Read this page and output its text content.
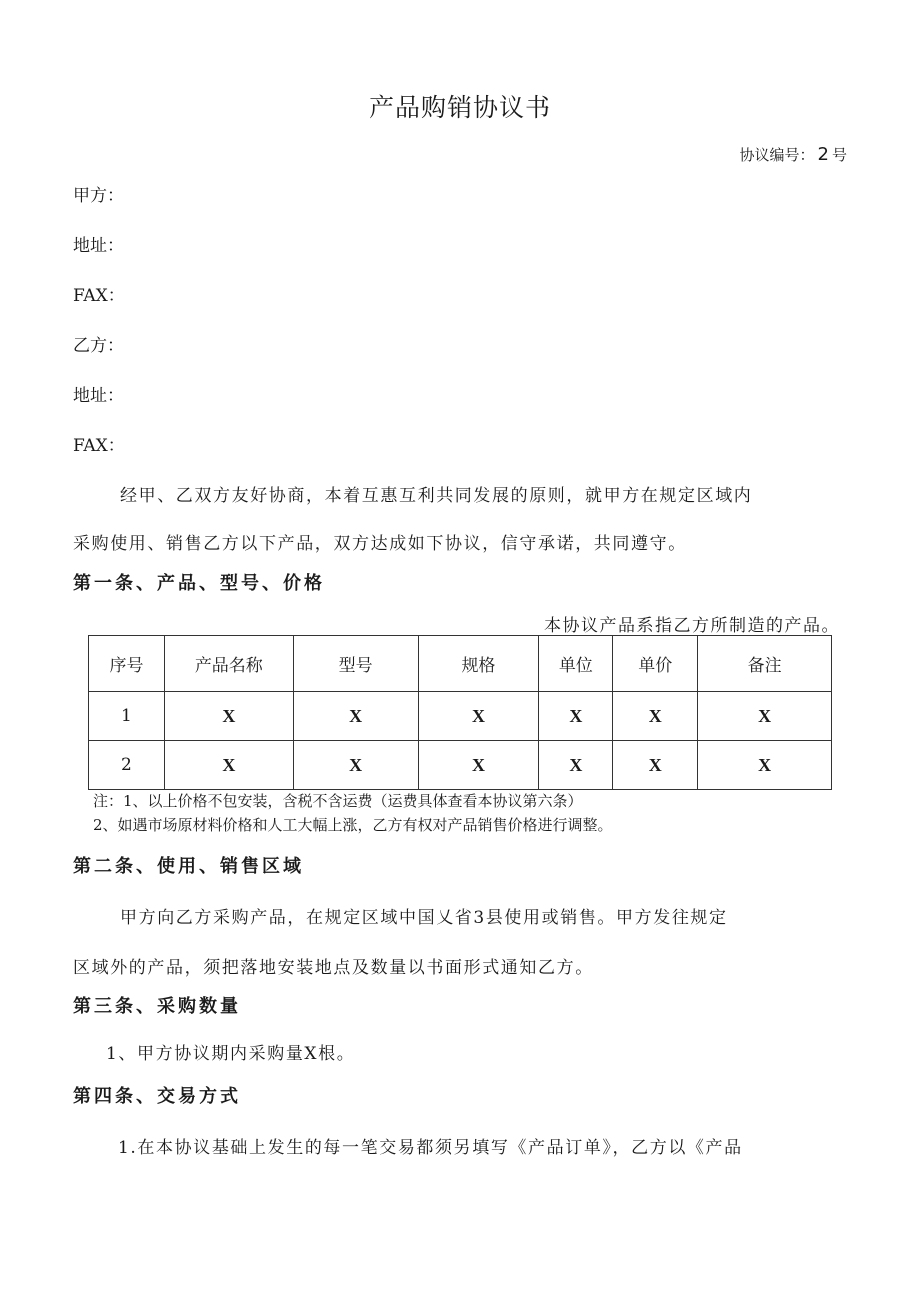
产品购销协议书
协议编号： 2 号
甲方：
地址：
FAX：
乙方：
地址：
FAX：
经甲、乙双方友好协商，本着互惠互利共同发展的原则，就甲方在规定区域内
采购使用、销售乙方以下产品，双方达成如下协议，信守承诺，共同遵守。
第一条、产品、型号、价格
本协议产品系指乙方所制造的产品。
序号	产品名称	型号	规格	单位	单价	备注
1	X	X	X	X	X	X
2	X	X	X	X	X	X
注：1、以上价格不包安装，含税不含运费（运费具体查看本协议第六条）
2、如遇市场原材料价格和人工大幅上涨，乙方有权对产品销售价格进行调整。
第二条、使用、销售区域
甲方向乙方采购产品，在规定区域中国乂省3县使用或销售。甲方发往规定
区域外的产品，须把落地安装地点及数量以书面形式通知乙方。
第三条、采购数量
1、甲方协议期内采购量X根。
第四条、交易方式
1.在本协议基础上发生的每一笔交易都须另填写《产品订单》，乙方以《产品
